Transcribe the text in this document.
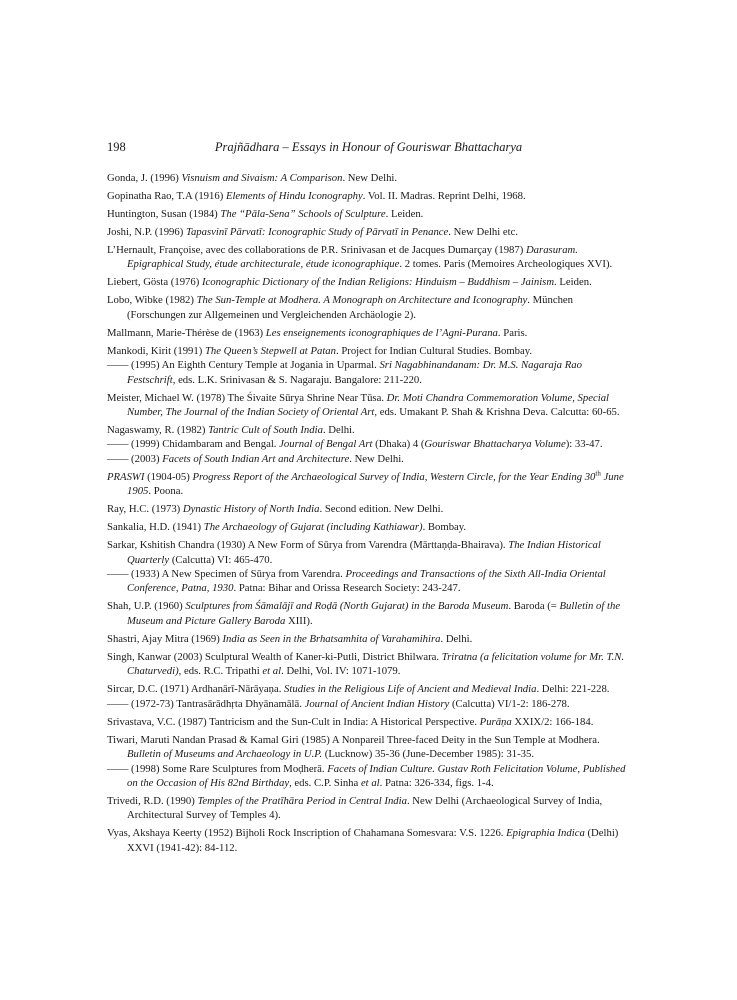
198	Prajñādhara – Essays in Honour of Gouriswar Bhattacharya

Gonda, J. (1996) Visnuism and Sivaism: A Comparison. New Delhi.

Gopinatha Rao, T.A (1916) Elements of Hindu Iconography. Vol. II. Madras. Reprint Delhi, 1968.

Huntington, Susan (1984) The “Pāla-Sena” Schools of Sculpture. Leiden.

Joshi, N.P. (1996) Tapasvinī Pārvatī: Iconographic Study of Pārvatī in Penance. New Delhi etc.

L’Hernault, Françoise, avec des collaborations de P.R. Srinivasan et de Jacques Dumarçay (1987) Darasuram. Epigraphical Study, étude architecturale, étude iconographique. 2 tomes. Paris (Memoires Archeologiques XVI).

Liebert, Gösta (1976) Iconographic Dictionary of the Indian Religions: Hinduism – Buddhism – Jainism. Leiden.

Lobo, Wibke (1982) The Sun-Temple at Modhera. A Monograph on Architecture and Iconography. München (Forschungen zur Allgemeinen und Vergleichenden Archäologie 2).

Mallmann, Marie-Thérèse de (1963) Les enseignements iconographiques de l’Agni-Purana. Paris.

Mankodi, Kirit (1991) The Queen’s Stepwell at Patan. Project for Indian Cultural Studies. Bombay.

—— (1995) An Eighth Century Temple at Jogania in Uparmal. Sri Nagabhinandanam: Dr. M.S. Nagaraja Rao Festschrift, eds. L.K. Srinivasan & S. Nagaraju. Bangalore: 211-220.

Meister, Michael W. (1978) The Śivaite Sūrya Shrine Near Tūsa. Dr. Moti Chandra Commemoration Volume, Special Number, The Journal of the Indian Society of Oriental Art, eds. Umakant P. Shah & Krishna Deva. Calcutta: 60-65.

Nagaswamy, R. (1982) Tantric Cult of South India. Delhi.

—— (1999) Chidambaram and Bengal. Journal of Bengal Art (Dhaka) 4 (Gouriswar Bhattacharya Volume): 33-47.

—— (2003) Facets of South Indian Art and Architecture. New Delhi.

PRASWI (1904-05) Progress Report of the Archaeological Survey of India, Western Circle, for the Year Ending 30th June 1905. Poona.

Ray, H.C. (1973) Dynastic History of North India. Second edition. New Delhi.

Sankalia, H.D. (1941) The Archaeology of Gujarat (including Kathiawar). Bombay.

Sarkar, Kshitish Chandra (1930) A New Form of Sūrya from Varendra (Mārttaṇḍa-Bhairava). The Indian Historical Quarterly (Calcutta) VI: 465-470.

—— (1933) A New Specimen of Sūrya from Varendra. Proceedings and Transactions of the Sixth All-India Oriental Conference, Patna, 1930. Patna: Bihar and Orissa Research Society: 243-247.

Shah, U.P. (1960) Sculptures from Śāmalājī and Roḍā (North Gujarat) in the Baroda Museum. Baroda (= Bulletin of the Museum and Picture Gallery Baroda XIII).

Shastri, Ajay Mitra (1969) India as Seen in the Brhatsamhita of Varahamihira. Delhi.

Singh, Kanwar (2003) Sculptural Wealth of Kaner-ki-Putli, District Bhilwara. Triratna (a felicitation volume for Mr. T.N. Chaturvedi), eds. R.C. Tripathi et al. Delhi, Vol. IV: 1071-1079.

Sircar, D.C. (1971) Ardhanārī-Nārāyaṇa. Studies in the Religious Life of Ancient and Medieval India. Delhi: 221-228.

—— (1972-73) Tantrasārādhṛta Dhyānamālā. Journal of Ancient Indian History (Calcutta) VI/1-2: 186-278.

Srivastava, V.C. (1987) Tantricism and the Sun-Cult in India: A Historical Perspective. Purāṇa XXIX/2: 166-184.

Tiwari, Maruti Nandan Prasad & Kamal Giri (1985) A Nonpareil Three-faced Deity in the Sun Temple at Modhera. Bulletin of Museums and Archaeology in U.P. (Lucknow) 35-36 (June-December 1985): 31-35.

—— (1998) Some Rare Sculptures from Moḍherā. Facets of Indian Culture. Gustav Roth Felicitation Volume, Published on the Occasion of His 82nd Birthday, eds. C.P. Sinha et al. Patna: 326-334, figs. 1-4.

Trivedi, R.D. (1990) Temples of the Pratīhāra Period in Central India. New Delhi (Archaeological Survey of India, Architectural Survey of Temples 4).

Vyas, Akshaya Keerty (1952) Bijholi Rock Inscription of Chahamana Somesvara: V.S. 1226. Epigraphia Indica (Delhi) XXVI (1941-42): 84-112.
